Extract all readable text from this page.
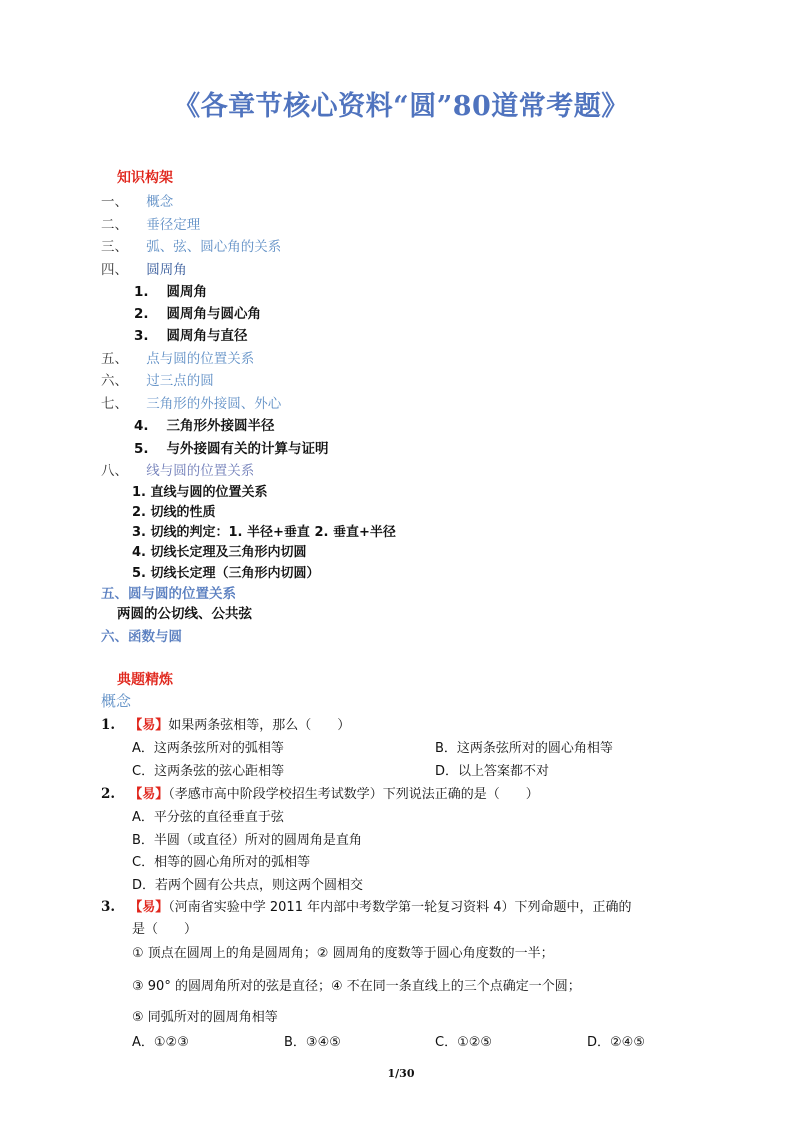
《各章节核心资料“圆”80道常考题》
知识构架
一、 概念
二、 垂径定理
三、 弧、弦、圆心角的关系
四、 圆周角
1. 圆周角
2. 圆周角与圆心角
3. 圆周角与直径
五、 点与圆的位置关系
六、 过三点的圆
七、 三角形的外接圆、外心
4. 三角形外接圆半径
5. 与外接圆有关的计算与证明
八、 线与圆的位置关系
1. 直线与圆的位置关系
2. 切线的性质
3. 切线的判定：1. 半径+垂直 2. 垂直+半径
4. 切线长定理及三角形内切圆
5. 切线长定理（三角形内切圆）
五、圆与圆的位置关系
两圆的公切线、公共弦
六、函数与圆
典题精炼
概念
1. 【易】如果两条弦相等，那么（　　）
A．这两条弦所对的弧相等	B．这两条弦所对的圆心角相等
C．这两条弦的弦心距相等	D．以上答案都不对
2. 【易】（孝感市高中阶段学校招生考试数学）下列说法正确的是（　　）
A．平分弦的直径垂直于弦
B．半圆（或直径）所对的圆周角是直角
C．相等的圆心角所对的弧相等
D．若两个圆有公共点，则这两个圆相交
3. 【易】（河南省实验中学 2011 年内部中考数学第一轮复习资料 4）下列命题中，正确的
是（　　）
① 顶点在圆周上的角是圆周角；② 圆周角的度数等于圆心角度数的一半；
③ 90° 的圆周角所对的弦是直径；④ 不在同一条直线上的三个点确定一个圆；
⑤ 同弧所对的圆周角相等
A．①②③	B．③④⑤	C．①②⑤	D．②④⑤
1/30
